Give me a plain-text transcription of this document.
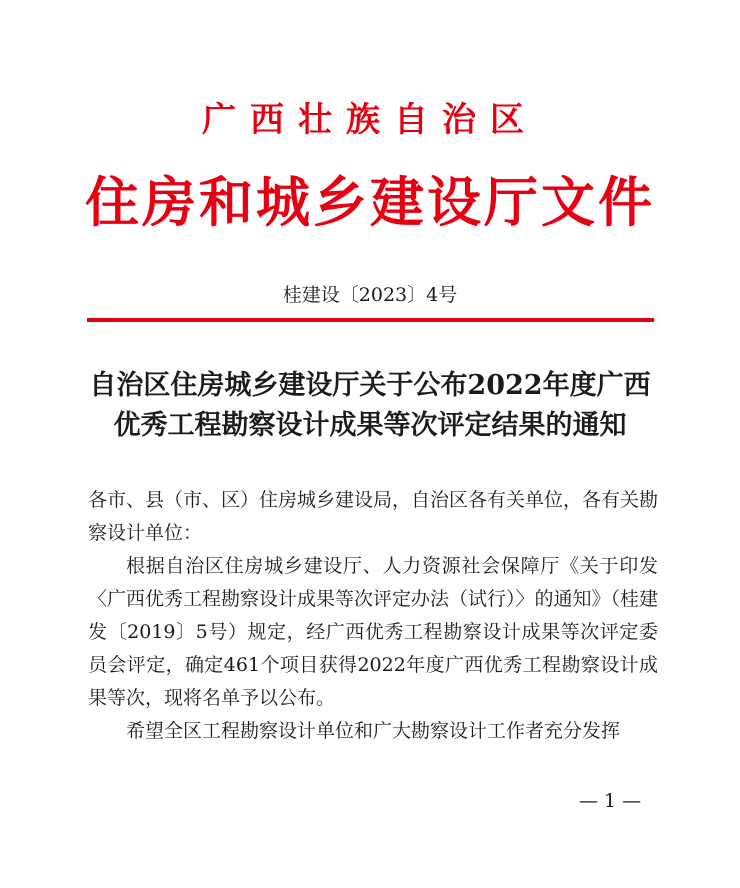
广西壮族自治区
住房和城乡建设厅文件
桂建设〔2023〕4号
自治区住房城乡建设厅关于公布2022年度广西
优秀工程勘察设计成果等次评定结果的通知

各市、县（市、区）住房城乡建设局，自治区各有关单位，各有关勘察设计单位：

根据自治区住房城乡建设厅、人力资源社会保障厅《关于印发〈广西优秀工程勘察设计成果等次评定办法（试行）〉的通知》（桂建发〔2019〕5号）规定，经广西优秀工程勘察设计成果等次评定委员会评定，确定461个项目获得2022年度广西优秀工程勘察设计成果等次，现将名单予以公布。

希望全区工程勘察设计单位和广大勘察设计工作者充分发挥

— 1 —
